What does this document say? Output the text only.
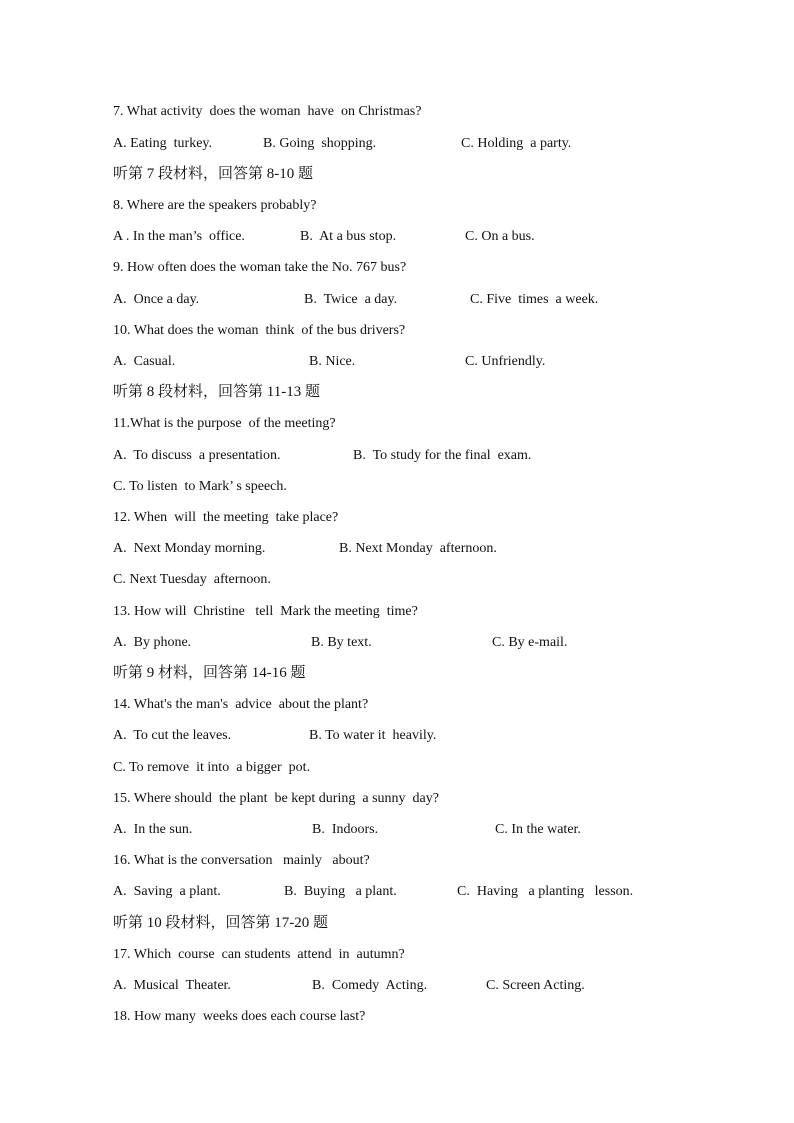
7. What activity  does the woman  have  on Christmas?

A. Eating  turkey.

	B. Going  shopping.

	C. Holding  a party.

听第 7 段材料，回答第 8-10 题
8. Where are the speakers probably?

A . In the man’s  office.

	B.  At a bus stop.

	C. On a bus.

9. How often does the woman take the No. 767 bus?

A.  Once a day.

	B.  Twice  a day.

	C. Five  times  a week.

10. What does the woman  think  of the bus drivers?

A.  Casual.

	B. Nice.

	C. Unfriendly.

听第 8 段材料，回答第 11-13 题
11.What is the purpose  of the meeting?

A.  To discuss  a presentation.

	B.  To study for the final  exam.

C. To listen  to Mark’ s speech.
12. When  will  the meeting  take place?

A.  Next Monday morning.

	B. Next Monday  afternoon.

C. Next Tuesday  afternoon.
13. How will  Christine   tell  Mark the meeting  time?

A.  By phone.

	B. By text.

	C. By e-mail.

听第 9 材料，回答第 14-16 题
14. What's the man's  advice  about the plant?

A.  To cut the leaves.

	B. To water it  heavily.

C. To remove  it into  a bigger  pot.
15. Where should  the plant  be kept during  a sunny  day?

A.  In the sun.

	B.  Indoors.

	C. In the water.

16. What is the conversation   mainly   about?

A.  Saving  a plant.

	B.  Buying   a plant.

	C.  Having   a planting   lesson.

听第 10 段材料，回答第 17-20 题
17. Which  course  can students  attend  in  autumn?

A.  Musical  Theater.

	B.  Comedy  Acting.

	C. Screen Acting.

18. How many  weeks does each course last?
